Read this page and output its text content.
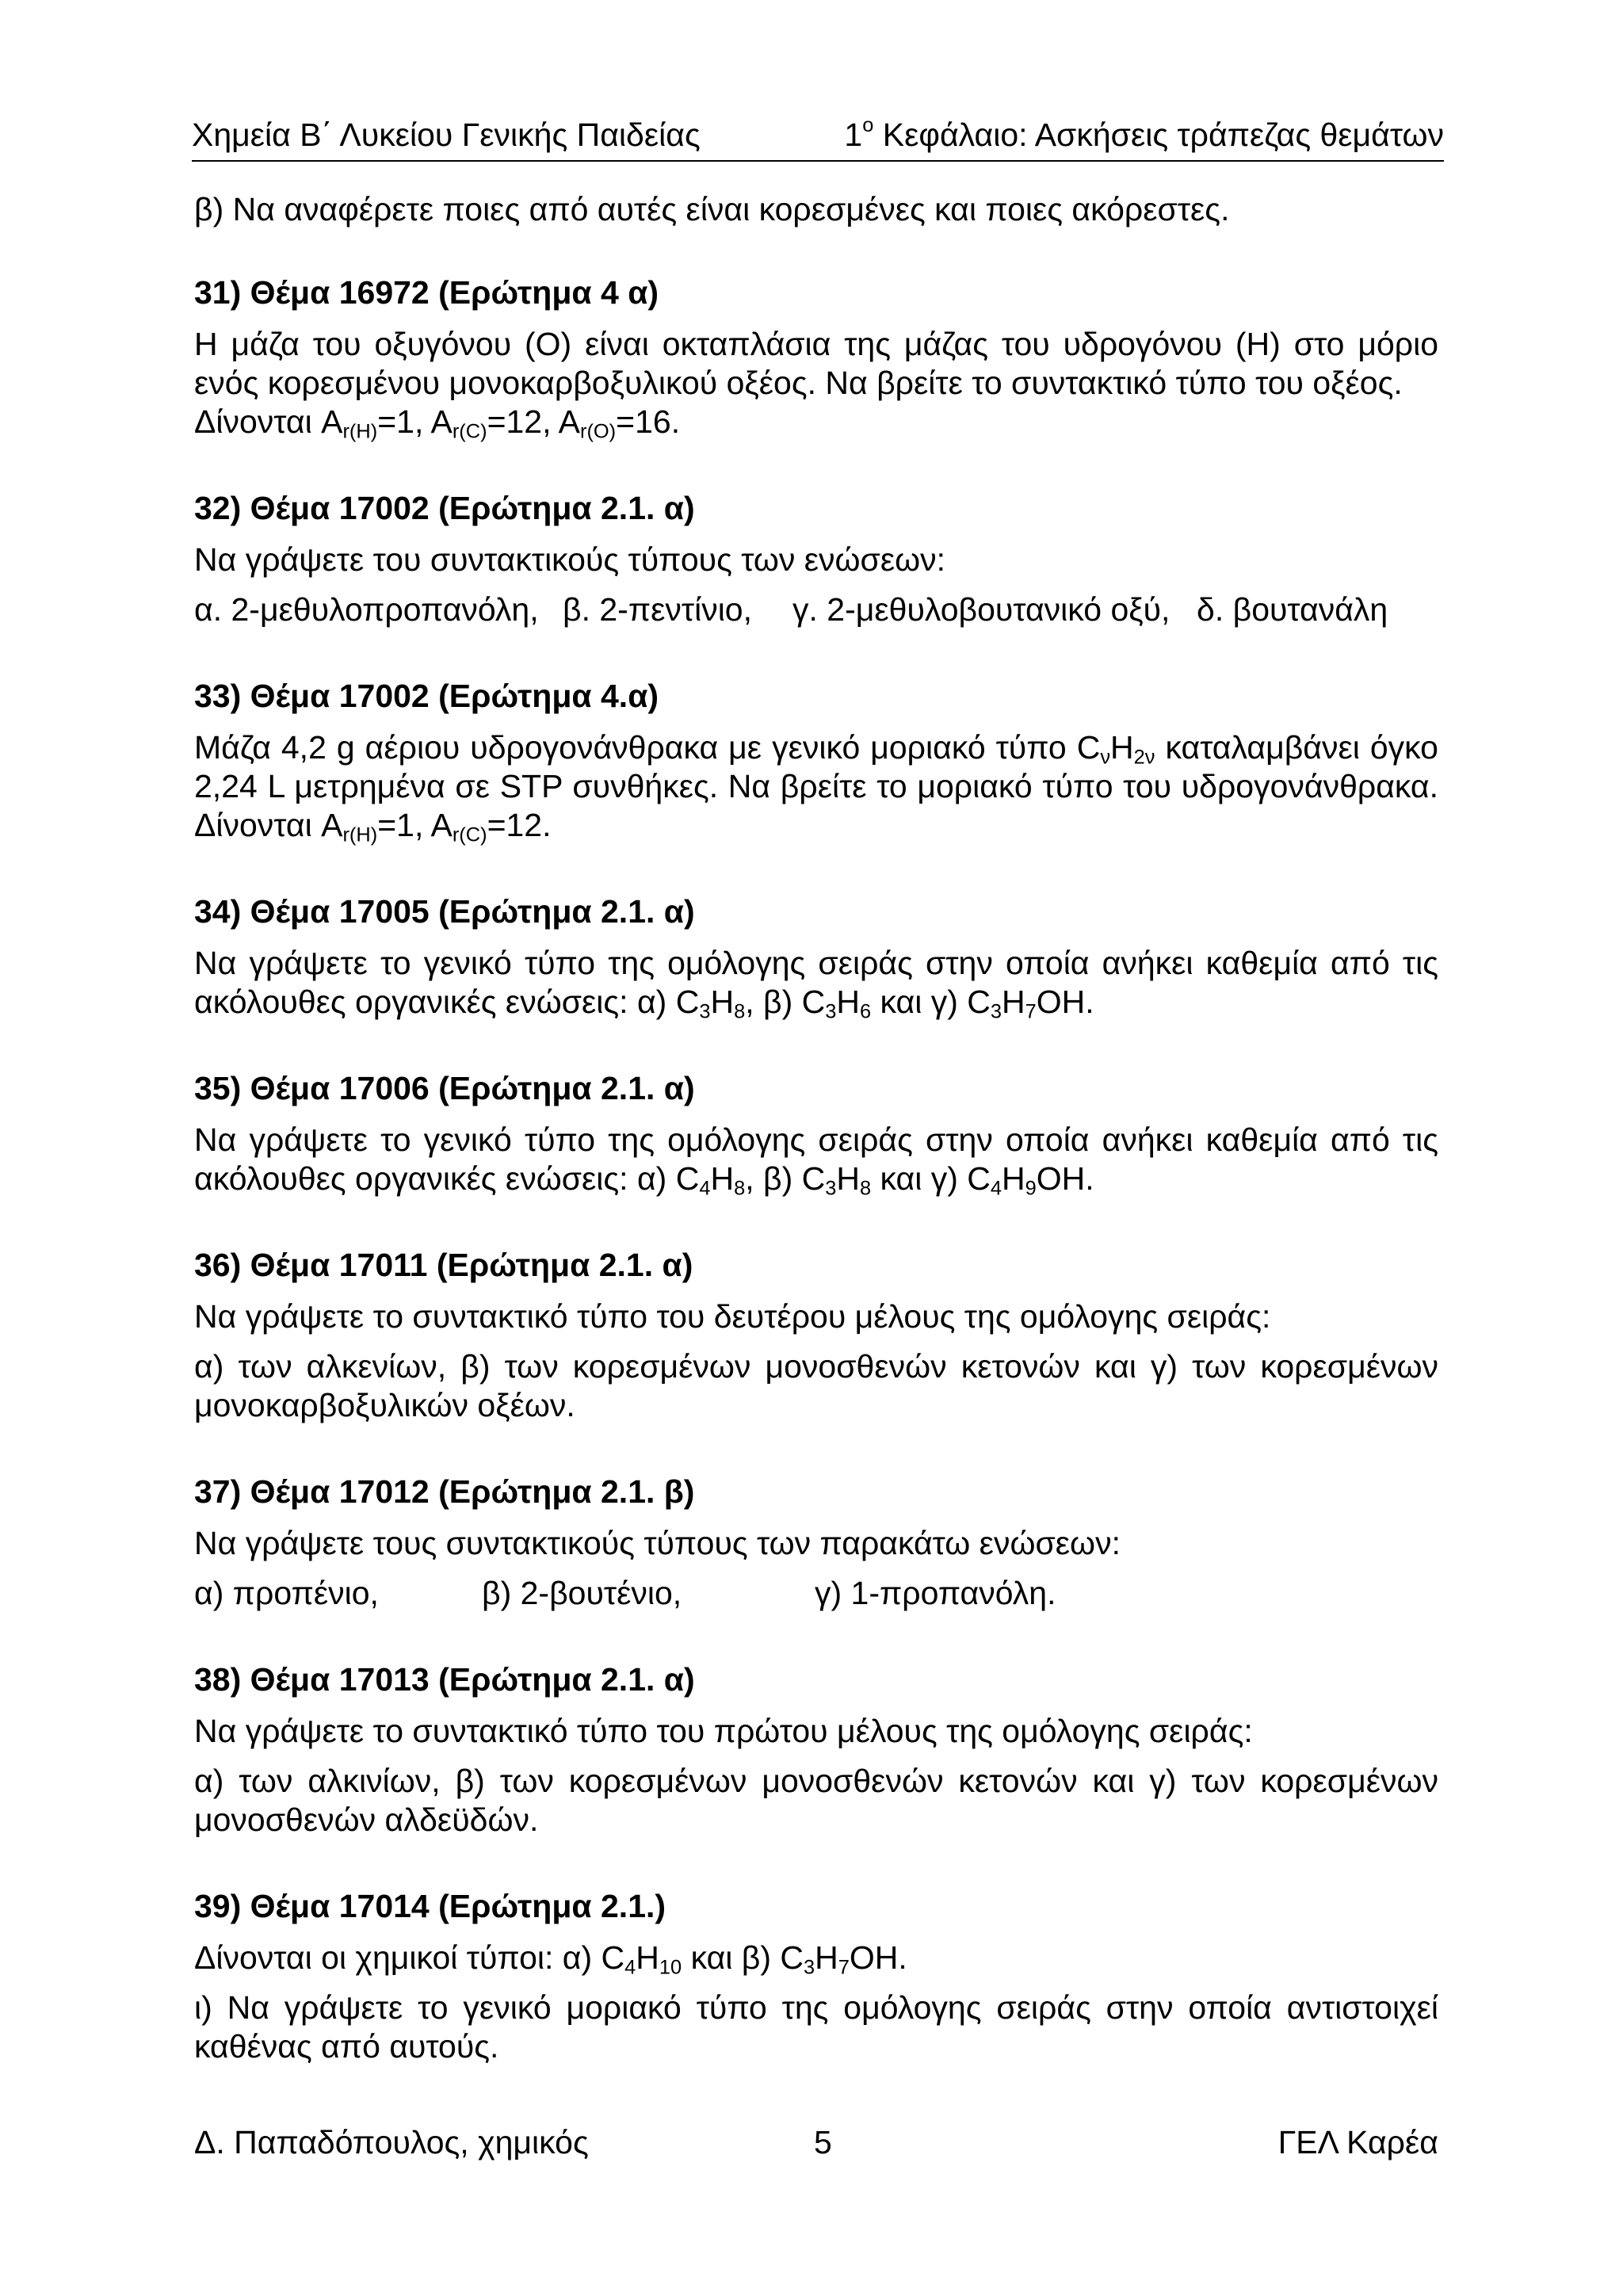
Χημεία Β΄ Λυκείου Γενικής Παιδείας	$1^o$ Κεφάλαιο: Ασκήσεις τράπεζας θεμάτων

β) Να αναφέρετε ποιες από αυτές είναι κορεσμένες και ποιες ακόρεστες.

31) Θέμα 16972 (Ερώτημα 4 α)

Η μάζα του οξυγόνου (Ο) είναι οκταπλάσια της μάζας του υδρογόνου (Η) στο μόριο ενός κορεσμένου μονοκαρβοξυλικού οξέος. Να βρείτε το συντακτικό τύπο του οξέος.

Δίνονται $A_{r(H)}=1$, $A_{r(C)}=12$, $A_{r(O)}=16$.

32) Θέμα 17002 (Ερώτημα 2.1. α)

Να γράψετε του συντακτικούς τύπους των ενώσεων:

α. 2-μεθυλοπροπανόλη, β. 2-πεντίνιο,	γ. 2-μεθυλοβουτανικό οξύ, δ. βουτανάλη

33) Θέμα 17002 (Ερώτημα 4.α)

Μάζα 4,2 g αέριου υδρογονάνθρακα με γενικό μοριακό τύπο $C_\nu H_{2\nu}$ καταλαμβάνει όγκο 2,24 L μετρημένα σε STP συνθήκες. Να βρείτε το μοριακό τύπο του υδρογονάνθρακα. Δίνονται $A_{r(H)}=1$, $A_{r(C)}=12$.

34) Θέμα 17005 (Ερώτημα 2.1. α)

Να γράψετε το γενικό τύπο της ομόλογης σειράς στην οποία ανήκει καθεμία από τις ακόλουθες οργανικές ενώσεις: α) $C_3H_8$, β) $C_3H_6$ και γ) $C_3H_7OH$.

35) Θέμα 17006 (Ερώτημα 2.1. α)

Να γράψετε το γενικό τύπο της ομόλογης σειράς στην οποία ανήκει καθεμία από τις ακόλουθες οργανικές ενώσεις: α) $C_4H_8$, β) $C_3H_8$ και γ) $C_4H_9OH$.

36) Θέμα 17011 (Ερώτημα 2.1. α)

Να γράψετε το συντακτικό τύπο του δευτέρου μέλους της ομόλογης σειράς:

α) των αλκενίων, β) των κορεσμένων μονοσθενών κετονών και γ) των κορεσμένων μονοκαρβοξυλικών οξέων.

37) Θέμα 17012 (Ερώτημα 2.1. β)

Να γράψετε τους συντακτικούς τύπους των παρακάτω ενώσεων:

α) προπένιο,	β) 2-βουτένιο,	γ) 1-προπανόλη.

38) Θέμα 17013 (Ερώτημα 2.1. α)

Να γράψετε το συντακτικό τύπο του πρώτου μέλους της ομόλογης σειράς:

α) των αλκινίων, β) των κορεσμένων μονοσθενών κετονών και γ) των κορεσμένων μονοσθενών αλδεϋδών.

39) Θέμα 17014 (Ερώτημα 2.1.)

Δίνονται οι χημικοί τύποι: α) $C_4H_{10}$ και β) $C_3H_7OH$.

ι) Να γράψετε το γενικό μοριακό τύπο της ομόλογης σειράς στην οποία αντιστοιχεί καθένας από αυτούς.

Δ. Παπαδόπουλος, χημικός	5	ΓΕΛ Καρέα
